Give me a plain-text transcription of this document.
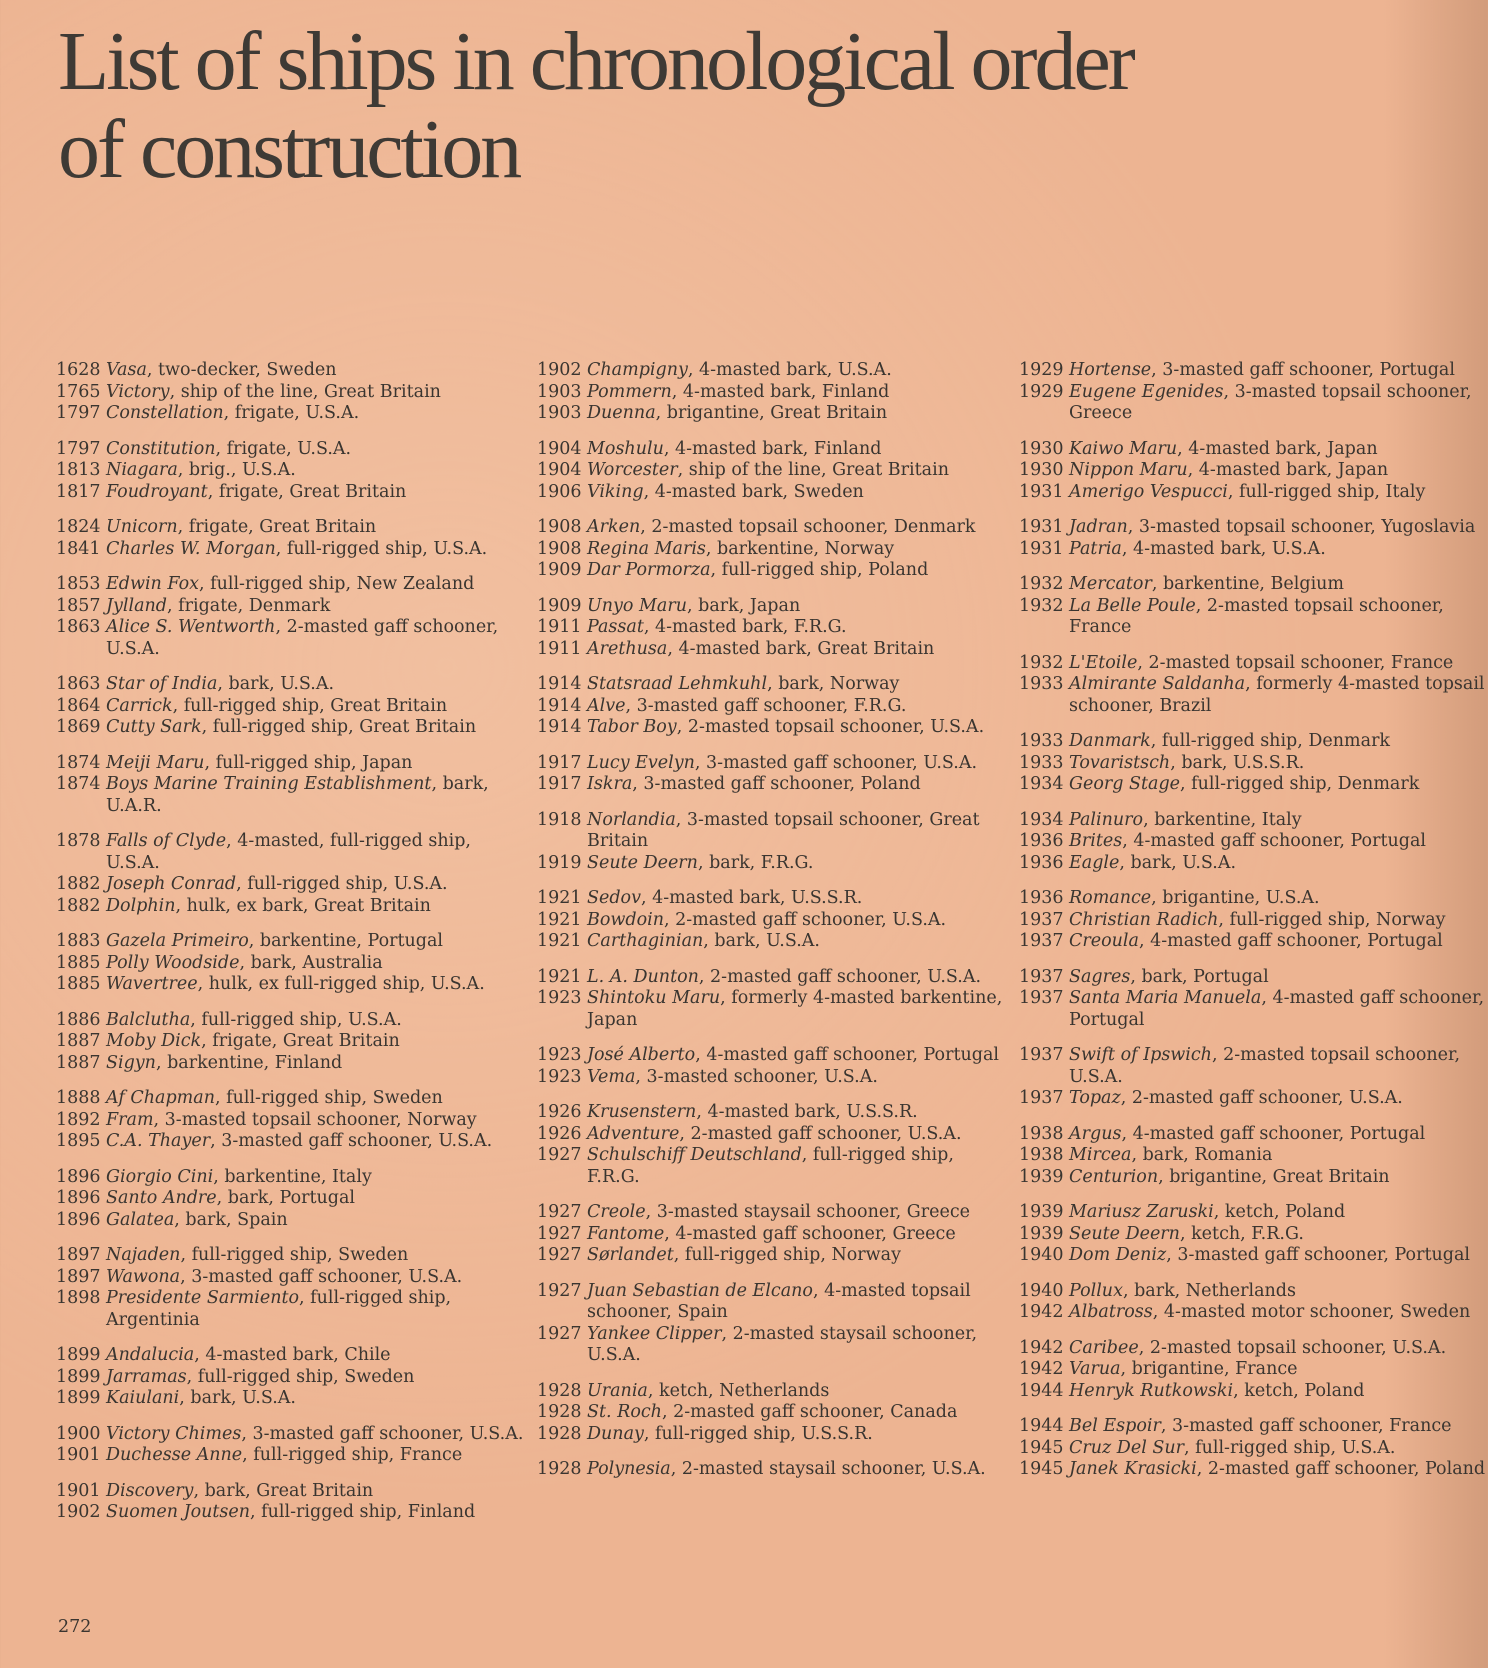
List of ships in chronological order
of construction
1628 Vasa, two-decker, Sweden
1765 Victory, ship of the line, Great Britain
1797 Constellation, frigate, U.S.A.
1797 Constitution, frigate, U.S.A.
1813 Niagara, brig., U.S.A.
1817 Foudroyant, frigate, Great Britain
1824 Unicorn, frigate, Great Britain
1841 Charles W. Morgan, full-rigged ship, U.S.A.
1853 Edwin Fox, full-rigged ship, New Zealand
1857 Jylland, frigate, Denmark
1863 Alice S. Wentworth, 2-masted gaff schooner, U.S.A.
1863 Star of India, bark, U.S.A.
1864 Carrick, full-rigged ship, Great Britain
1869 Cutty Sark, full-rigged ship, Great Britain
1874 Meiji Maru, full-rigged ship, Japan
1874 Boys Marine Training Establishment, bark, U.A.R.
1878 Falls of Clyde, 4-masted, full-rigged ship, U.S.A.
1882 Joseph Conrad, full-rigged ship, U.S.A.
1882 Dolphin, hulk, ex bark, Great Britain
1883 Gazela Primeiro, barkentine, Portugal
1885 Polly Woodside, bark, Australia
1885 Wavertree, hulk, ex full-rigged ship, U.S.A.
1886 Balclutha, full-rigged ship, U.S.A.
1887 Moby Dick, frigate, Great Britain
1887 Sigyn, barkentine, Finland
1888 Af Chapman, full-rigged ship, Sweden
1892 Fram, 3-masted topsail schooner, Norway
1895 C.A. Thayer, 3-masted gaff schooner, U.S.A.
1896 Giorgio Cini, barkentine, Italy
1896 Santo Andre, bark, Portugal
1896 Galatea, bark, Spain
1897 Najaden, full-rigged ship, Sweden
1897 Wawona, 3-masted gaff schooner, U.S.A.
1898 Presidente Sarmiento, full-rigged ship, Argentinia
1899 Andalucia, 4-masted bark, Chile
1899 Jarramas, full-rigged ship, Sweden
1899 Kaiulani, bark, U.S.A.
1900 Victory Chimes, 3-masted gaff schooner, U.S.A.
1901 Duchesse Anne, full-rigged ship, France
1901 Discovery, bark, Great Britain
1902 Suomen Joutsen, full-rigged ship, Finland
1902 Champigny, 4-masted bark, U.S.A.
1903 Pommern, 4-masted bark, Finland
1903 Duenna, brigantine, Great Britain
1904 Moshulu, 4-masted bark, Finland
1904 Worcester, ship of the line, Great Britain
1906 Viking, 4-masted bark, Sweden
1908 Arken, 2-masted topsail schooner, Denmark
1908 Regina Maris, barkentine, Norway
1909 Dar Pormorza, full-rigged ship, Poland
1909 Unyo Maru, bark, Japan
1911 Passat, 4-masted bark, F.R.G.
1911 Arethusa, 4-masted bark, Great Britain
1914 Statsraad Lehmkuhl, bark, Norway
1914 Alve, 3-masted gaff schooner, F.R.G.
1914 Tabor Boy, 2-masted topsail schooner, U.S.A.
1917 Lucy Evelyn, 3-masted gaff schooner, U.S.A.
1917 Iskra, 3-masted gaff schooner, Poland
1918 Norlandia, 3-masted topsail schooner, Great Britain
1919 Seute Deern, bark, F.R.G.
1921 Sedov, 4-masted bark, U.S.S.R.
1921 Bowdoin, 2-masted gaff schooner, U.S.A.
1921 Carthaginian, bark, U.S.A.
1921 L. A. Dunton, 2-masted gaff schooner, U.S.A.
1923 Shintoku Maru, formerly 4-masted barkentine, Japan
1923 José Alberto, 4-masted gaff schooner, Portugal
1923 Vema, 3-masted schooner, U.S.A.
1926 Krusenstern, 4-masted bark, U.S.S.R.
1926 Adventure, 2-masted gaff schooner, U.S.A.
1927 Schulschiff Deutschland, full-rigged ship, F.R.G.
1927 Creole, 3-masted staysail schooner, Greece
1927 Fantome, 4-masted gaff schooner, Greece
1927 Sørlandet, full-rigged ship, Norway
1927 Juan Sebastian de Elcano, 4-masted topsail schooner, Spain
1927 Yankee Clipper, 2-masted staysail schooner, U.S.A.
1928 Urania, ketch, Netherlands
1928 St. Roch, 2-masted gaff schooner, Canada
1928 Dunay, full-rigged ship, U.S.S.R.
1928 Polynesia, 2-masted staysail schooner, U.S.A.
1929 Hortense, 3-masted gaff schooner, Portugal
1929 Eugene Egenides, 3-masted topsail schooner, Greece
1930 Kaiwo Maru, 4-masted bark, Japan
1930 Nippon Maru, 4-masted bark, Japan
1931 Amerigo Vespucci, full-rigged ship, Italy
1931 Jadran, 3-masted topsail schooner, Yugoslavia
1931 Patria, 4-masted bark, U.S.A.
1932 Mercator, barkentine, Belgium
1932 La Belle Poule, 2-masted topsail schooner, France
1932 L'Etoile, 2-masted topsail schooner, France
1933 Almirante Saldanha, formerly 4-masted topsail schooner, Brazil
1933 Danmark, full-rigged ship, Denmark
1933 Tovaristsch, bark, U.S.S.R.
1934 Georg Stage, full-rigged ship, Denmark
1934 Palinuro, barkentine, Italy
1936 Brites, 4-masted gaff schooner, Portugal
1936 Eagle, bark, U.S.A.
1936 Romance, brigantine, U.S.A.
1937 Christian Radich, full-rigged ship, Norway
1937 Creoula, 4-masted gaff schooner, Portugal
1937 Sagres, bark, Portugal
1937 Santa Maria Manuela, 4-masted gaff schooner, Portugal
1937 Swift of Ipswich, 2-masted topsail schooner, U.S.A.
1937 Topaz, 2-masted gaff schooner, U.S.A.
1938 Argus, 4-masted gaff schooner, Portugal
1938 Mircea, bark, Romania
1939 Centurion, brigantine, Great Britain
1939 Mariusz Zaruski, ketch, Poland
1939 Seute Deern, ketch, F.R.G.
1940 Dom Deniz, 3-masted gaff schooner, Portugal
1940 Pollux, bark, Netherlands
1942 Albatross, 4-masted motor schooner, Sweden
1942 Caribee, 2-masted topsail schooner, U.S.A.
1942 Varua, brigantine, France
1944 Henryk Rutkowski, ketch, Poland
1944 Bel Espoir, 3-masted gaff schooner, France
1945 Cruz Del Sur, full-rigged ship, U.S.A.
1945 Janek Krasicki, 2-masted gaff schooner, Poland
272
